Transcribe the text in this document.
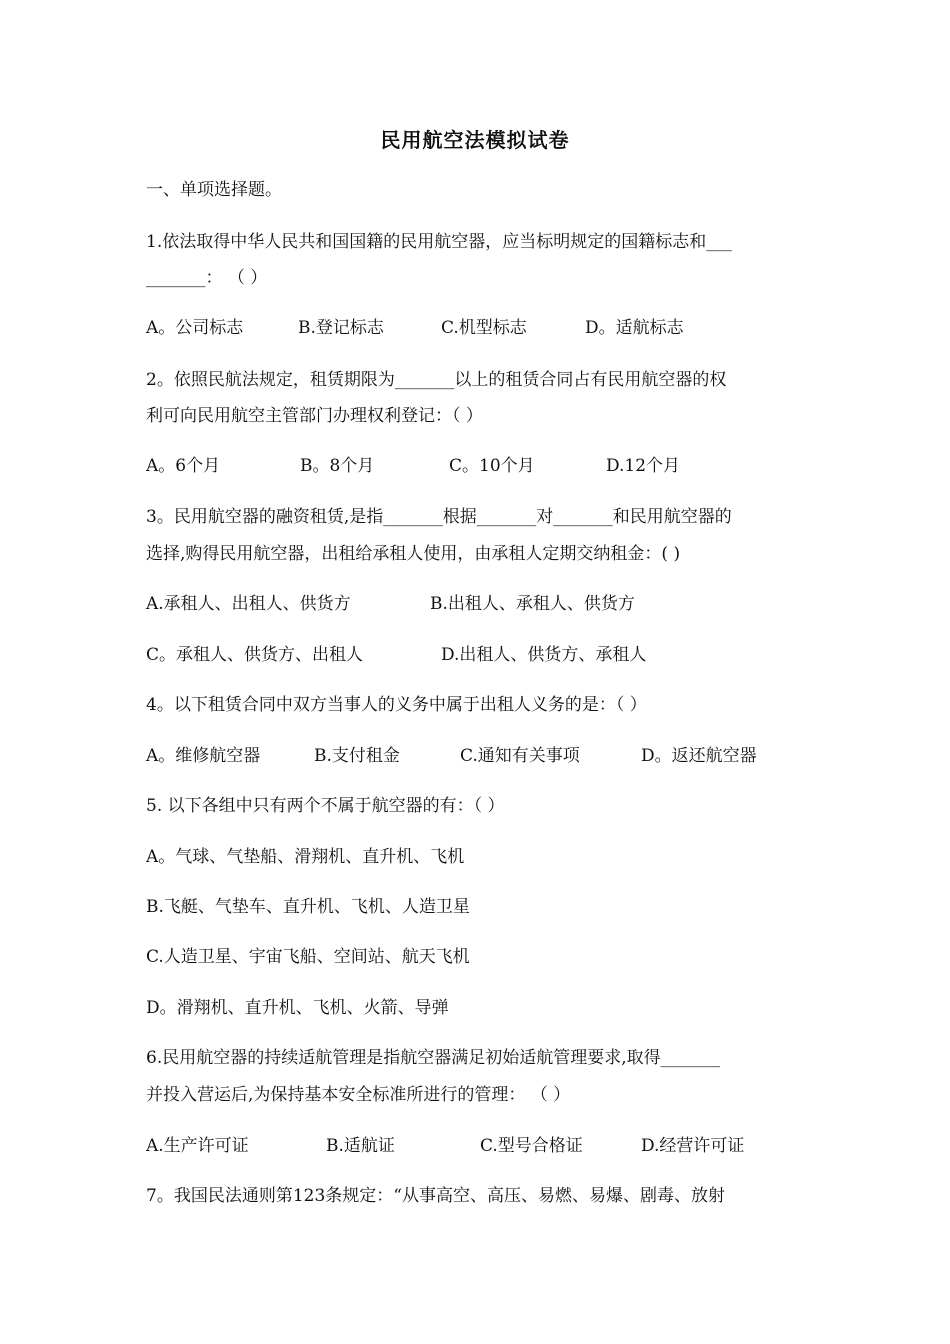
民用航空法模拟试卷
一、单项选择题。
1.依法取得中华人民共和国国籍的民用航空器，应当标明规定的国籍标志和___
_______： （ ）
A。公司标志	B.登记标志	C.机型标志	D。适航标志
2。依照民航法规定，租赁期限为_______以上的租赁合同占有民用航空器的权
利可向民用航空主管部门办理权利登记：（ ）
A。6个月	B。8个月	C。10个月	D.12个月
3。民用航空器的融资租赁,是指_______根据_______对_______和民用航空器的
选择,购得民用航空器，出租给承租人使用，由承租人定期交纳租金：( )
A.承租人、出租人、供货方	B.出租人、承租人、供货方
C。承租人、供货方、出租人	D.出租人、供货方、承租人
4。以下租赁合同中双方当事人的义务中属于出租人义务的是：（ ）
A。维修航空器	B.支付租金	C.通知有关事项	D。返还航空器
5. 以下各组中只有两个不属于航空器的有：（ ）
A。气球、气垫船、滑翔机、直升机、飞机
B.飞艇、气垫车、直升机、飞机、人造卫星
C.人造卫星、宇宙飞船、空间站、航天飞机
D。滑翔机、直升机、飞机、火箭、导弹
6.民用航空器的持续适航管理是指航空器满足初始适航管理要求,取得_______
并投入营运后,为保持基本安全标准所进行的管理： （ ）
A.生产许可证	B.适航证	C.型号合格证	D.经营许可证
7。我国民法通则第123条规定：“从事高空、高压、易燃、易爆、剧毒、放射
